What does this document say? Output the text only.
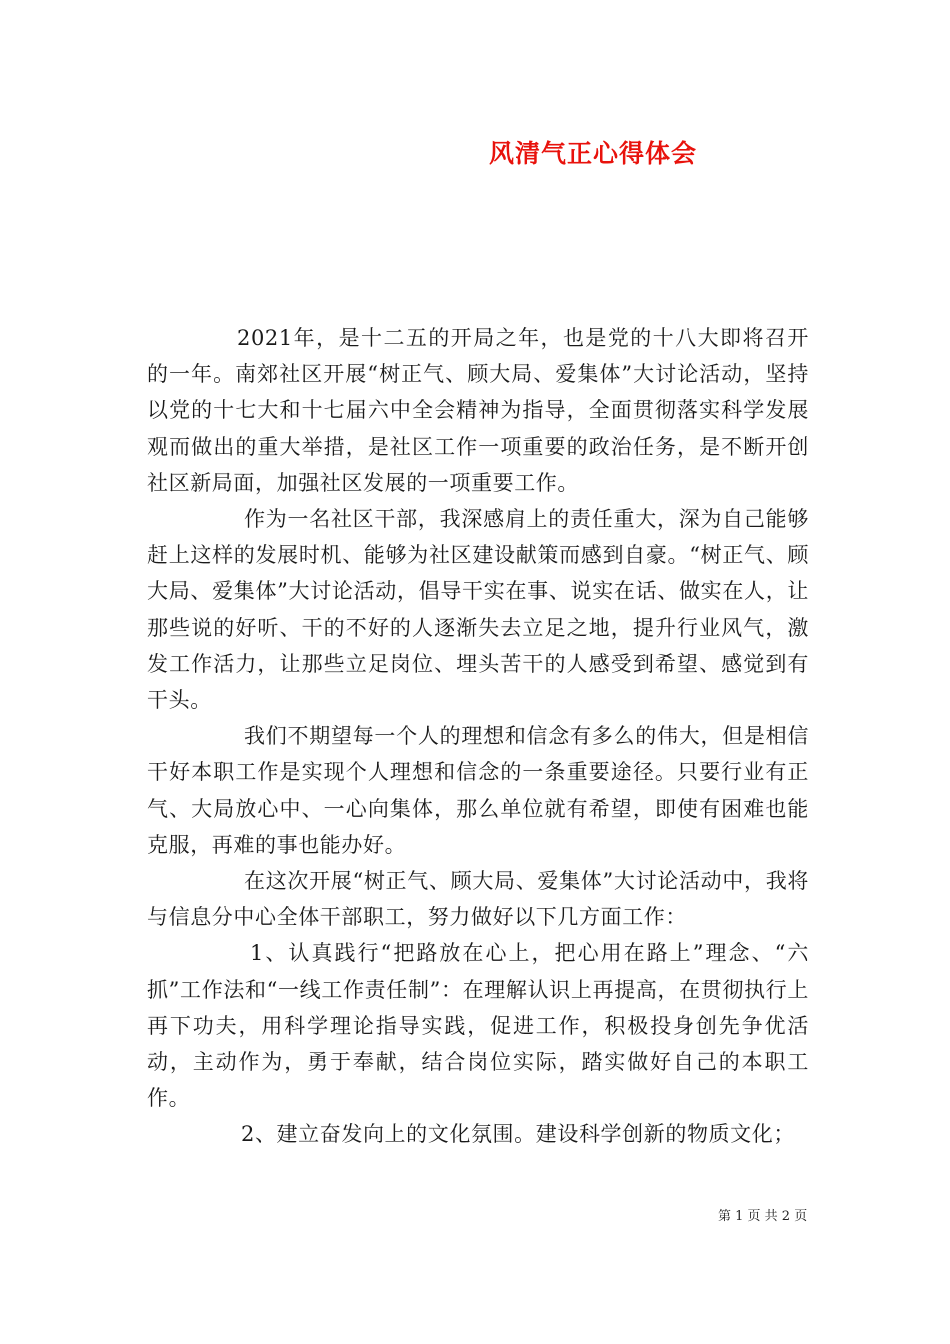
风清气正心得体会

2021年，是十二五的开局之年，也是党的十八大即将召开的一年。南郊社区开展“树正气、顾大局、爱集体”大讨论活动，坚持以党的十七大和十七届六中全会精神为指导，全面贯彻落实科学发展观而做出的重大举措，是社区工作一项重要的政治任务，是不断开创社区新局面，加强社区发展的一项重要工作。

作为一名社区干部，我深感肩上的责任重大，深为自己能够赶上这样的发展时机、能够为社区建设献策而感到自豪。“树正气、顾大局、爱集体”大讨论活动，倡导干实在事、说实在话、做实在人，让那些说的好听、干的不好的人逐渐失去立足之地，提升行业风气，激发工作活力，让那些立足岗位、埋头苦干的人感受到希望、感觉到有干头。

我们不期望每一个人的理想和信念有多么的伟大，但是相信干好本职工作是实现个人理想和信念的一条重要途径。只要行业有正气、大局放心中、一心向集体，那么单位就有希望，即使有困难也能克服，再难的事也能办好。

在这次开展“树正气、顾大局、爱集体”大讨论活动中，我将与信息分中心全体干部职工，努力做好以下几方面工作：

1、认真践行“把路放在心上，把心用在路上”理念、“六抓”工作法和“一线工作责任制”：在理解认识上再提高，在贯彻执行上再下功夫，用科学理论指导实践，促进工作，积极投身创先争优活动，主动作为，勇于奉献，结合岗位实际，踏实做好自己的本职工作。

2、建立奋发向上的文化氛围。建设科学创新的物质文化；

第 1 页 共 2 页
